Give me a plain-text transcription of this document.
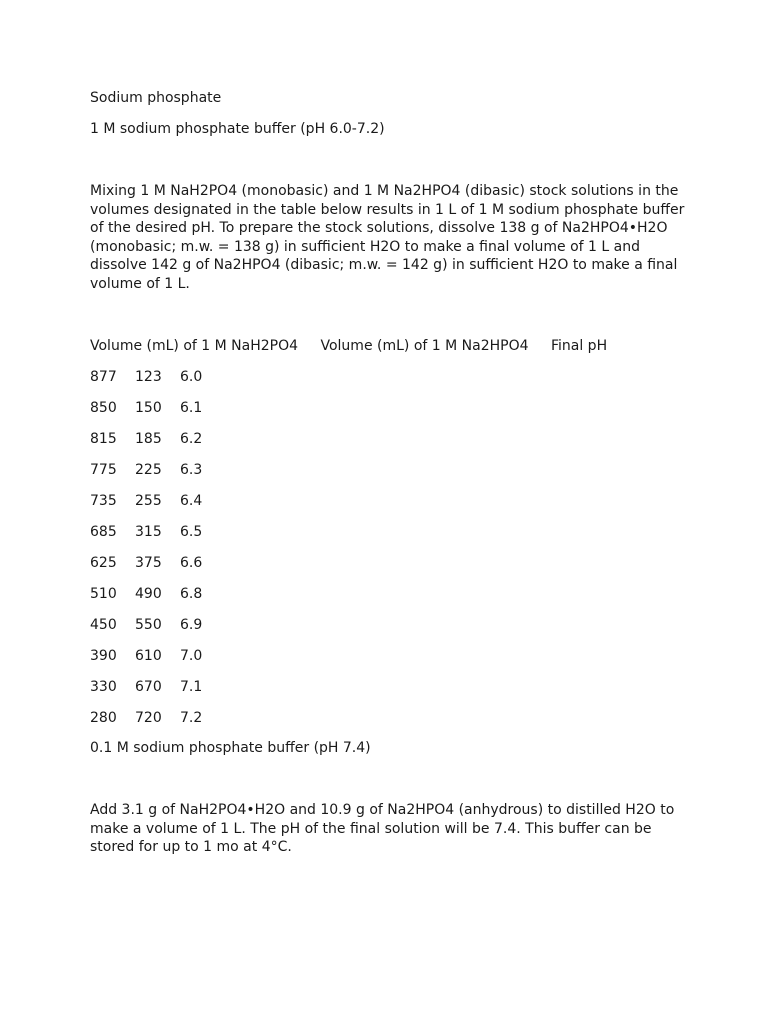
Sodium phosphate
1 M sodium phosphate buffer (pH 6.0-7.2)
Mixing 1 M NaH2PO4 (monobasic) and 1 M Na2HPO4 (dibasic) stock solutions in the volumes designated in the table below results in 1 L of 1 M sodium phosphate buffer of the desired pH. To prepare the stock solutions, dissolve 138 g of Na2HPO4•H2O (monobasic; m.w. = 138 g) in sufficient H2O to make a final volume of 1 L and dissolve 142 g of Na2HPO4 (dibasic; m.w. = 142 g) in sufficient H2O to make a final volume of 1 L.
Volume (mL) of 1 M NaH2PO4 Volume (mL) of 1 M Na2HPO4 Final pH
877 123 6.0
850 150 6.1
815 185 6.2
775 225 6.3
735 255 6.4
685 315 6.5
625 375 6.6
510 490 6.8
450 550 6.9
390 610 7.0
330 670 7.1
280 720 7.2
0.1 M sodium phosphate buffer (pH 7.4)
Add 3.1 g of NaH2PO4•H2O and 10.9 g of Na2HPO4 (anhydrous) to distilled H2O to make a volume of 1 L. The pH of the final solution will be 7.4. This buffer can be stored for up to 1 mo at 4°C.
